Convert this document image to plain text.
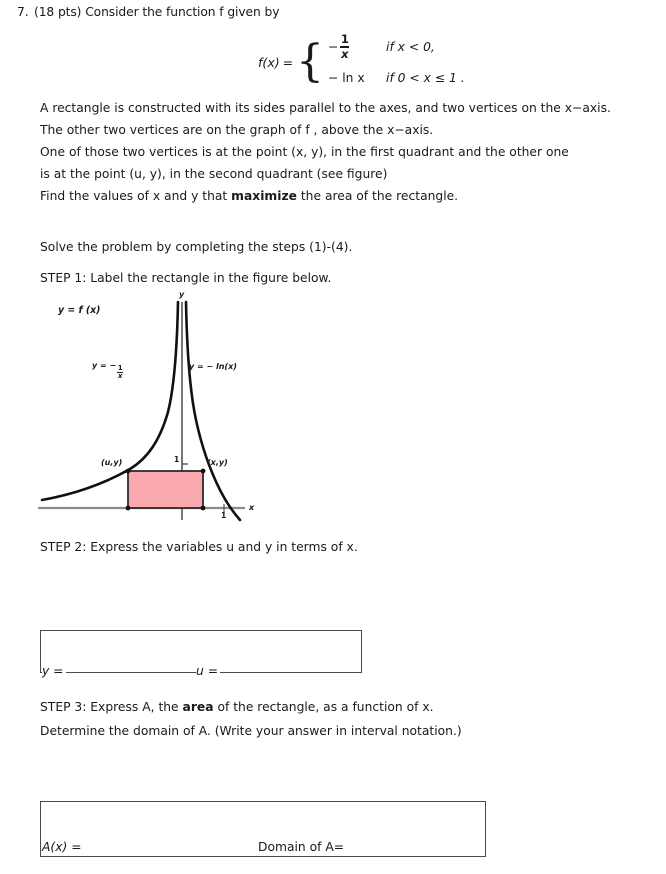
7. (18 pts) Consider the function f given by
f(x) = { − $\frac{1}{x}$	if x < 0,
− ln x	if 0 < x ≤ 1 .
A rectangle is constructed with its sides parallel to the axes, and two vertices on the x−axis.
The other two vertices are on the graph of f , above the x−axis.
One of those two vertices is at the point (x, y), in the first quadrant and the other one
is at the point (u, y), in the second quadrant (see figure)
Find the values of x and y that maximize the area of the rectangle.
Solve the problem by completing the steps (1)-(4).
STEP 1: Label the rectangle in the figure below.
y = f (x)
y = − $\frac{1}{x}$	y = − ln(x)
(u,y)	(x,y)
y
x
1
1
STEP 2: Express the variables u and y in terms of x.
y =	u =
STEP 3: Express A, the area of the rectangle, as a function of x.
Determine the domain of A. (Write your answer in interval notation.)
A(x) =	Domain of A=
